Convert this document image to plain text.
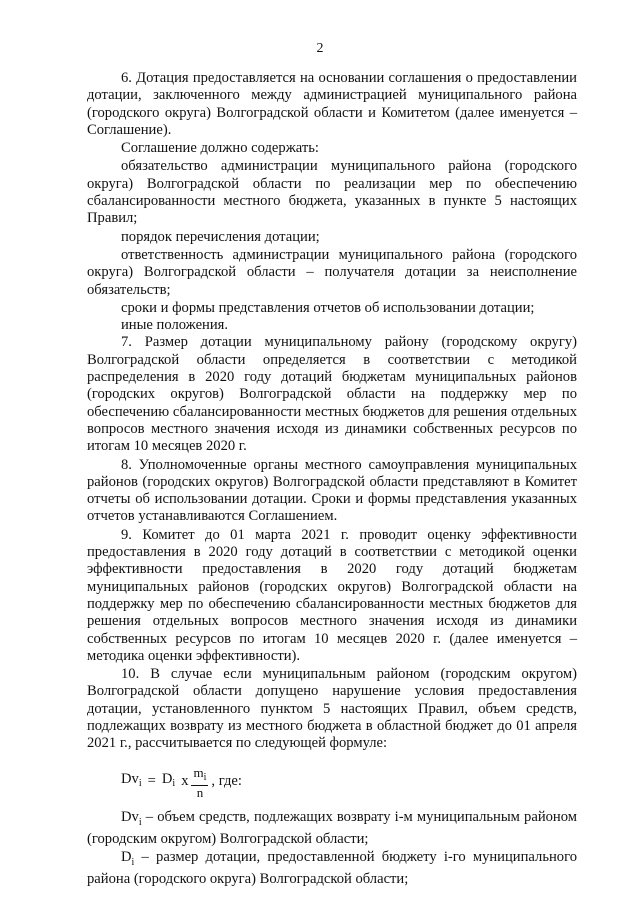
2

6. Дотация предоставляется на основании соглашения о предоставлении дотации, заключенного между администрацией муниципального района (городского округа) Волгоградской области и Комитетом (далее именуется – Соглашение).

Соглашение должно содержать:

обязательство администрации муниципального района (городского округа) Волгоградской области по реализации мер по обеспечению сбалансированности местного бюджета, указанных в пункте 5 настоящих Правил;

порядок перечисления дотации;

ответственность администрации муниципального района (городского округа) Волгоградской области – получателя дотации за неисполнение обязательств;

сроки и формы представления отчетов об использовании дотации;

иные положения.

7. Размер дотации муниципальному району (городскому округу) Волгоградской области определяется в соответствии с методикой распределения в 2020 году дотаций бюджетам муниципальных районов (городских округов) Волгоградской области на поддержку мер по обеспечению сбалансированности местных бюджетов для решения отдельных вопросов местного значения исходя из динамики собственных ресурсов по итогам 10 месяцев 2020 г.

8. Уполномоченные органы местного самоуправления муниципальных районов (городских округов) Волгоградской области представляют в Комитет отчеты об использовании дотации. Сроки и формы представления указанных отчетов устанавливаются Соглашением.

9. Комитет до 01 марта 2021 г. проводит оценку эффективности предоставления в 2020 году дотаций в соответствии с методикой оценки эффективности предоставления в 2020 году дотаций бюджетам муниципальных районов (городских округов) Волгоградской области на поддержку мер по обеспечению сбалансированности местных бюджетов для решения отдельных вопросов местного значения исходя из динамики собственных ресурсов по итогам 10 месяцев 2020 г. (далее именуется – методика оценки эффективности).

10. В случае если муниципальным районом (городским округом) Волгоградской области допущено нарушение условия предоставления дотации, установленного пунктом 5 настоящих Правил, объем средств, подлежащих возврату из местного бюджета в областной бюджет до 01 апреля 2021 г., рассчитывается по следующей формуле:

$Dv_i = D_i$ x $\frac{m_i}{n}$ , где:

$Dv_i$ – объем средств, подлежащих возврату i-м муниципальным районом (городским округом) Волгоградской области;

$D_i$ – размер дотации, предоставленной бюджету i-го муниципального района (городского округа) Волгоградской области;
